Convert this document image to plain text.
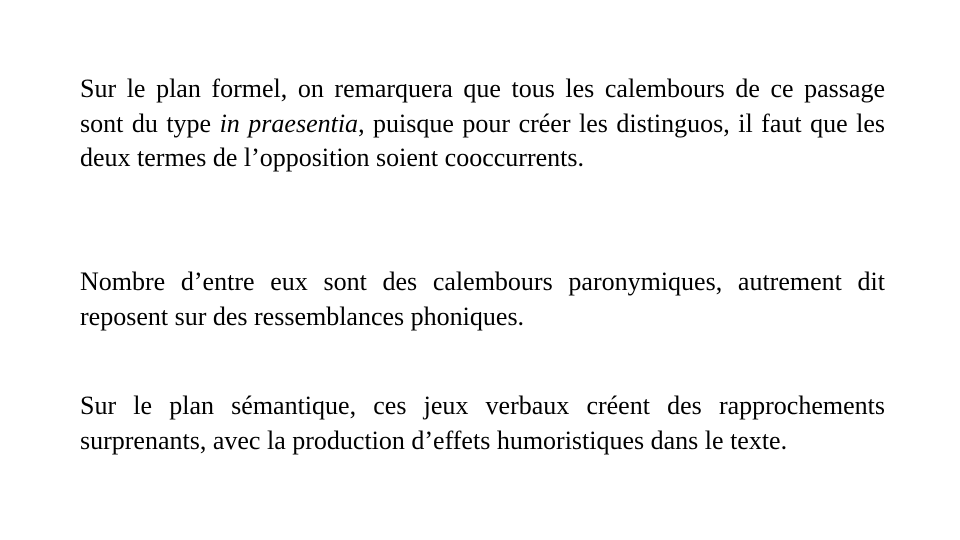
Sur le plan formel, on remarquera que tous les calembours de ce passage sont du type in praesentia, puisque pour créer les distinguos, il faut que les deux termes de l’opposition soient cooccurrents.

Nombre d’entre eux sont des calembours paronymiques, autrement dit reposent sur des ressemblances phoniques.

Sur le plan sémantique, ces jeux verbaux créent des rapprochements surprenants, avec la production d’effets humoristiques dans le texte.
